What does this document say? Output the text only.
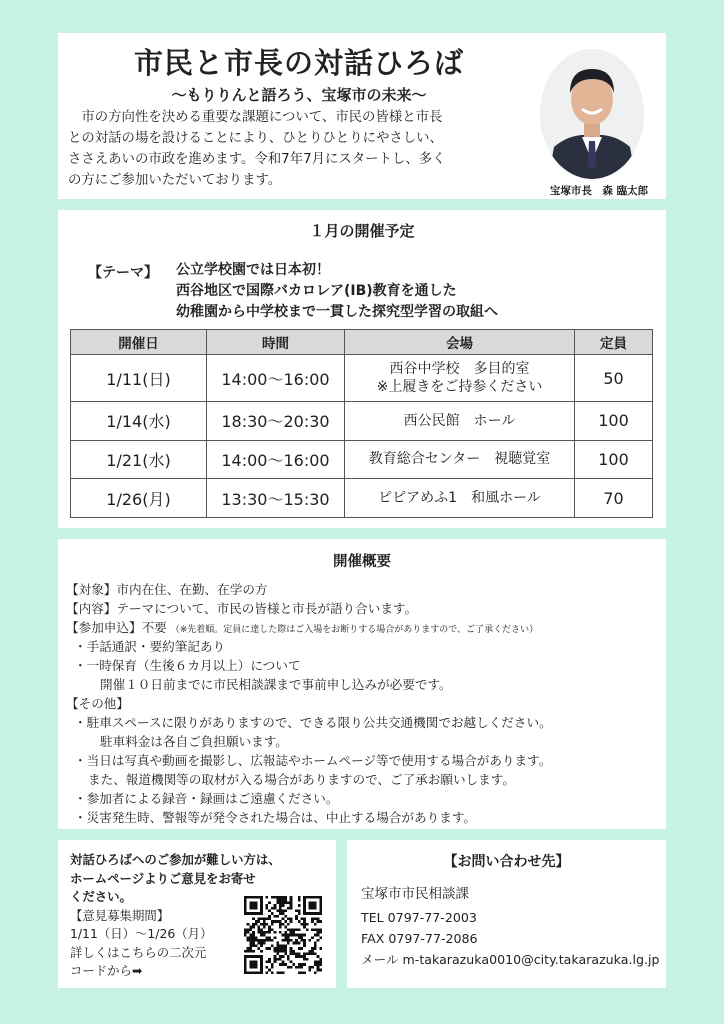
市民と市長の対話ひろば
〜もりりんと語ろう、宝塚市の未来〜
　市の方向性を決める重要な課題について、市民の皆様と市長
との対話の場を設けることにより、ひとりひとりにやさしい、
ささえあいの市政を進めます。令和7年7月にスタートし、多く
の方にご参加いただいております。
宝塚市長　森 臨太郎
１月の開催予定
【テーマ】 公立学校園では日本初！
西谷地区で国際バカロレア(IB)教育を通した
幼稚園から中学校まで一貫した探究型学習の取組へ
開催日	時間	会場	定員
1/11(日)	14:00〜16:00	西谷中学校　多目的室
※上履きをご持参ください	50
1/14(水)	18:30〜20:30	西公民館　ホール	100
1/21(水)	14:00〜16:00	教育総合センター　視聴覚室	100
1/26(月)	13:30〜15:30	ピピアめふ1　和風ホール	70
開催概要
【対象】市内在住、在勤、在学の方
【内容】テーマについて、市民の皆様と市長が語り合います。
【参加申込】不要 （※先着順。定員に達した際はご入場をお断りする場合がありますので、ご了承ください）
・手話通訳・要約筆記あり
・一時保育（生後６カ月以上）について
開催１０日前までに市民相談課まで事前申し込みが必要です。
【その他】
・駐車スペースに限りがありますので、できる限り公共交通機関でお越しください。
駐車料金は各自ご負担願います。
・当日は写真や動画を撮影し、広報誌やホームページ等で使用する場合があります。
また、報道機関等の取材が入る場合がありますので、ご了承お願いします。
・参加者による録音・録画はご遠慮ください。
・災害発生時、警報等が発令された場合は、中止する場合があります。
対話ひろばへのご参加が難しい方は、
ホームページよりご意見をお寄せ
ください。
【意見募集期間】
1/11（日）〜1/26（月）
詳しくはこちらの二次元
コードから➡
【お問い合わせ先】
宝塚市市民相談課
TEL 0797-77-2003
FAX 0797-77-2086
メール m-takarazuka0010@city.takarazuka.lg.jp
